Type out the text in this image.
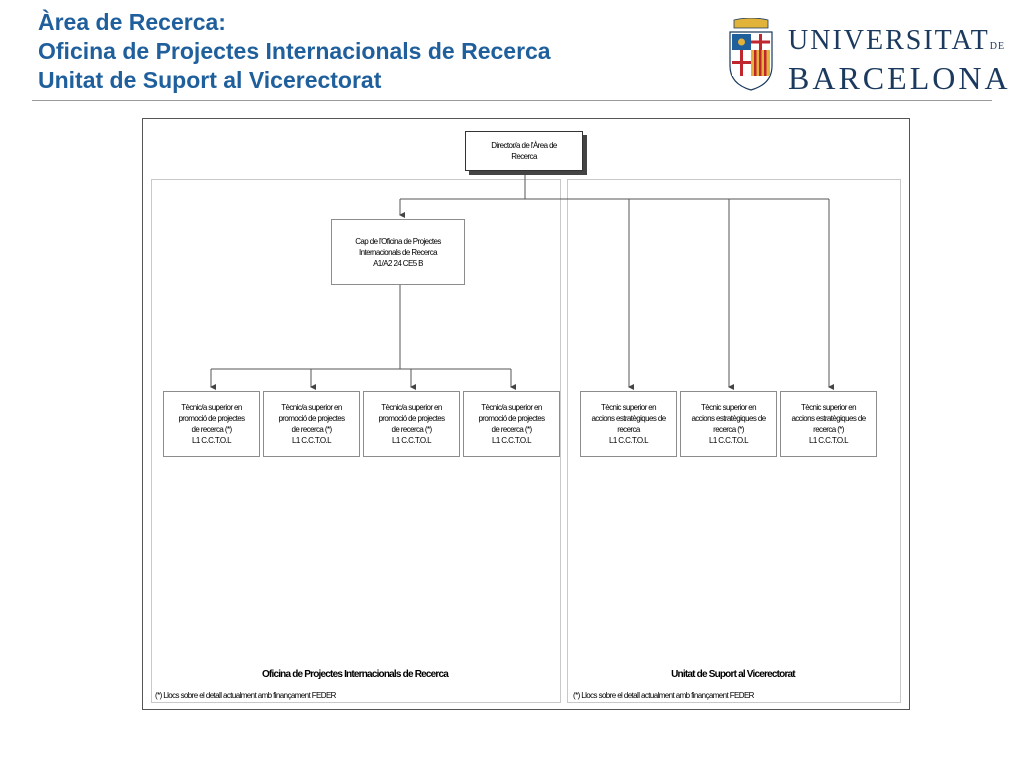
Àrea de Recerca:
Oficina de Projectes Internacionals de Recerca
Unitat de Suport al Vicerectorat
UNIVERSITATDE
BARCELONA
Director/a de l'Àrea de
Recerca
Cap de l'Oficina de Projectes
Internacionals de Recerca
A1/A2 24 CE5 B
Tècnic/a superior en
promoció de projectes
de recerca (*)
L1 C.C.T.O.L
Tècnic/a superior en
promoció de projectes
de recerca (*)
L1 C.C.T.O.L
Tècnic/a superior en
promoció de projectes
de recerca (*)
L1 C.C.T.O.L
Tècnic/a superior en
promoció de projectes
de recerca (*)
L1 C.C.T.O.L
Tècnic superior en
accions estratègiques de
recerca
L1 C.C.T.O.L
Tècnic superior en
accions estratègiques de
recerca (*)
L1 C.C.T.O.L
Tècnic superior en
accions estratègiques de
recerca (*)
L1 C.C.T.O.L
Oficina de Projectes Internacionals de Recerca	Unitat de Suport al Vicerectorat
(*) Llocs sobre el detall actualment amb finançament FEDER	(*) Llocs sobre el detall actualment amb finançament FEDER
